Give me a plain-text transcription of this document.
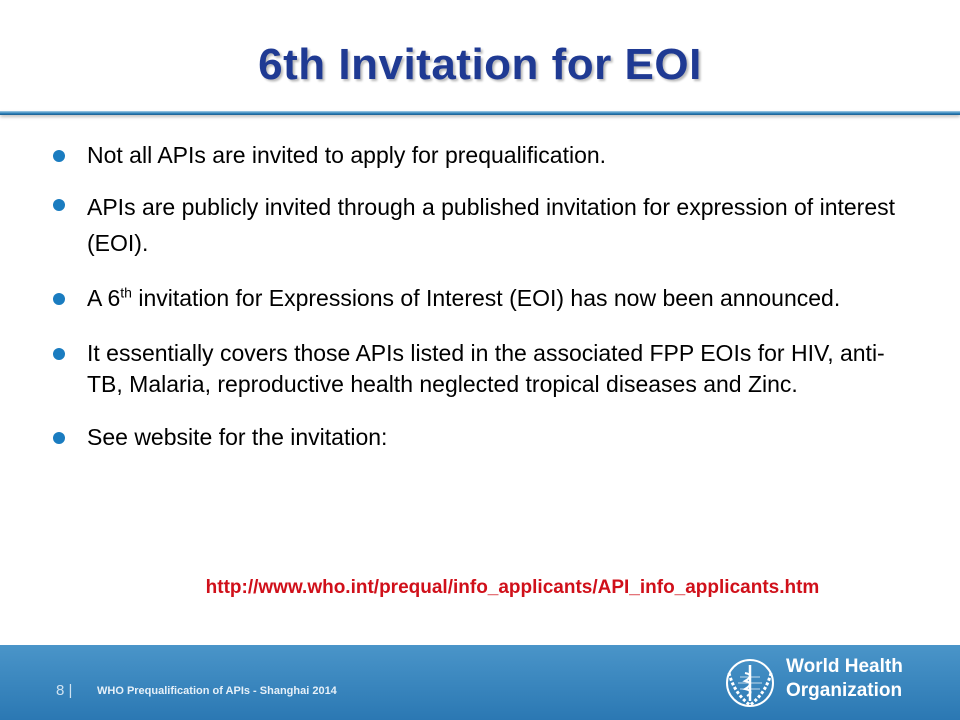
6th Invitation for EOI
Not all APIs are invited to apply for prequalification.
APIs are publicly invited through a published invitation for expression of interest (EOI).
A 6th invitation for Expressions of Interest (EOI) has now been announced.
It essentially covers those APIs listed in the associated FPP EOIs for HIV, anti-TB, Malaria, reproductive health neglected tropical diseases and Zinc.
See website for the invitation:
http://www.who.int/prequal/info_applicants/API_info_applicants.htm
8 | WHO Prequalification of APIs - Shanghai 2014
World Health
Organization
